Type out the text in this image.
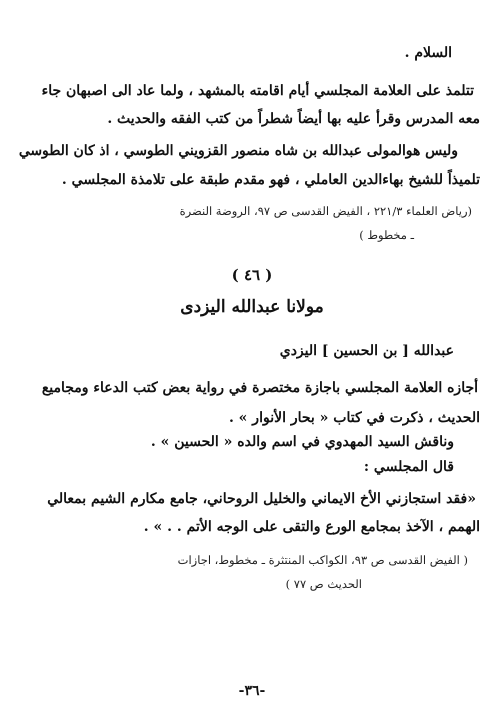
السلام .

تتلمذ على العلامة المجلسي أيام اقامته بالمشهد ، ولما عاد الى اصبهان جاء

معه المدرس وقرأ عليه بها أيضاً شطراً من كتب الفقه والحديث .

وليس هوالمولى عبدالله بن شاه منصور القزويني الطوسي ، اذ كان الطوسي

تلميذاً للشيخ بهاءالدين العاملي ، فهو مقدم طبقة على تلامذة المجلسي .

(رياض العلماء ٢٢١/٣ ، الفيض القدسى ص ٩٧، الروضة النضرة

ـ مخطوط )

( ٤٦ )

مولانا عبدالله اليزدى

عبدالله [ بن الحسين ] اليزدي

أجازه العلامة المجلسي باجازة مختصرة في رواية بعض كتب الدعاء ومجاميع

الحديث ، ذكرت في كتاب « بحار الأنوار » .

وناقش السيد المهدوي في اسم والده « الحسين » .

قال المجلسي :

«فقد استجازني الأخ الايماني والخليل الروحاني، جامع مكارم الشيم بمعالي

الهمم ، الآخذ بمجامع الورع والتقى على الوجه الأتم . . » .

( الفيض القدسى ص ٩٣، الكواكب المنتثرة ـ مخطوط، اجازات

الحديث ص ٧٧ )

-٣٦-
